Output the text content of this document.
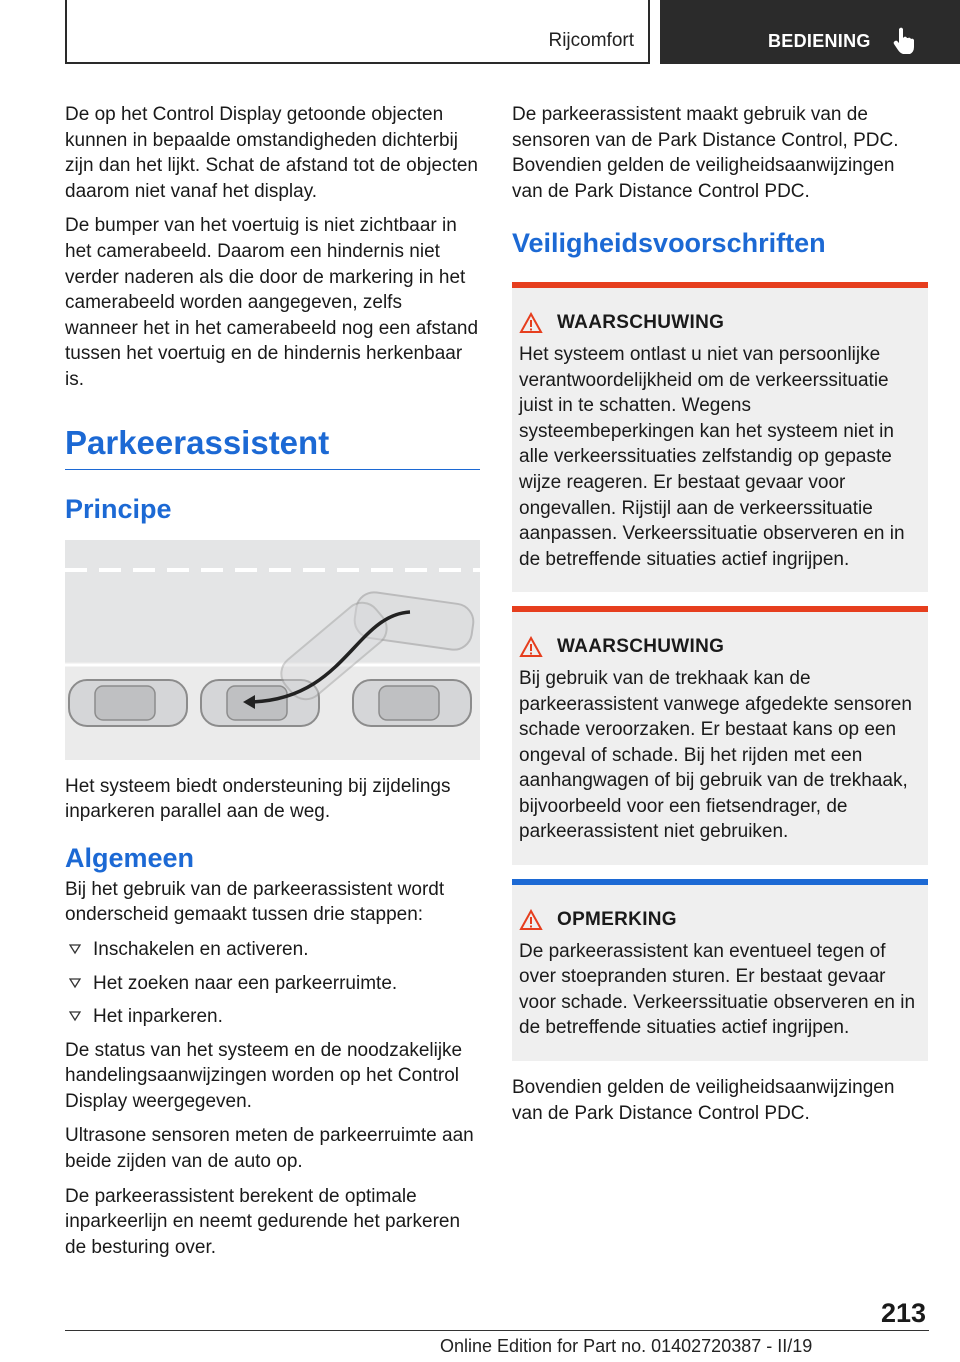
Rijcomfort	BEDIENING

De op het Control Display getoonde objecten kunnen in bepaalde omstandigheden dichterbij zijn dan het lijkt. Schat de afstand tot de objecten daarom niet vanaf het display.

De bumper van het voertuig is niet zichtbaar in het camerabeeld. Daarom een hindernis niet verder naderen als die door de markering in het camerabeeld worden aangegeven, zelfs wanneer het in het camerabeeld nog een afstand tussen het voertuig en de hindernis herkenbaar is.

Parkeerassistent
Principe

Het systeem biedt ondersteuning bij zijdelings inparkeren parallel aan de weg.

Algemeen

Bij het gebruik van de parkeerassistent wordt onderscheid gemaakt tussen drie stappen:

Inschakelen en activeren.
Het zoeken naar een parkeerruimte.
Het inparkeren.

De status van het systeem en de noodzakelijke handelingsaanwijzingen worden op het Control Display weergegeven.

Ultrasone sensoren meten de parkeerruimte aan beide zijden van de auto op.

De parkeerassistent berekent de optimale inparkeerlijn en neemt gedurende het parkeren de besturing over.

De parkeerassistent maakt gebruik van de sensoren van de Park Distance Control, PDC. Bovendien gelden de veiligheidsaanwijzingen van de Park Distance Control PDC.

Veiligheidsvoorschriften
WAARSCHUWING
Het systeem ontlast u niet van persoonlijke verantwoordelijkheid om de verkeerssituatie juist in te schatten. Wegens systeembeperkingen kan het systeem niet in alle verkeerssituaties zelfstandig op gepaste wijze reageren. Er bestaat gevaar voor ongevallen. Rijstijl aan de verkeerssituatie aanpassen. Verkeerssituatie observeren en in de betreffende situaties actief ingrijpen.
WAARSCHUWING
Bij gebruik van de trekhaak kan de parkeerassistent vanwege afgedekte sensoren schade veroorzaken. Er bestaat kans op een ongeval of schade. Bij het rijden met een aanhangwagen of bij gebruik van de trekhaak, bijvoorbeeld voor een fietsendrager, de parkeerassistent niet gebruiken.
OPMERKING
De parkeerassistent kan eventueel tegen of over stoepranden sturen. Er bestaat gevaar voor schade. Verkeerssituatie observeren en in de betreffende situaties actief ingrijpen.

Bovendien gelden de veiligheidsaanwijzingen van de Park Distance Control PDC.

213
Online Edition for Part no. 01402720387 - II/19
